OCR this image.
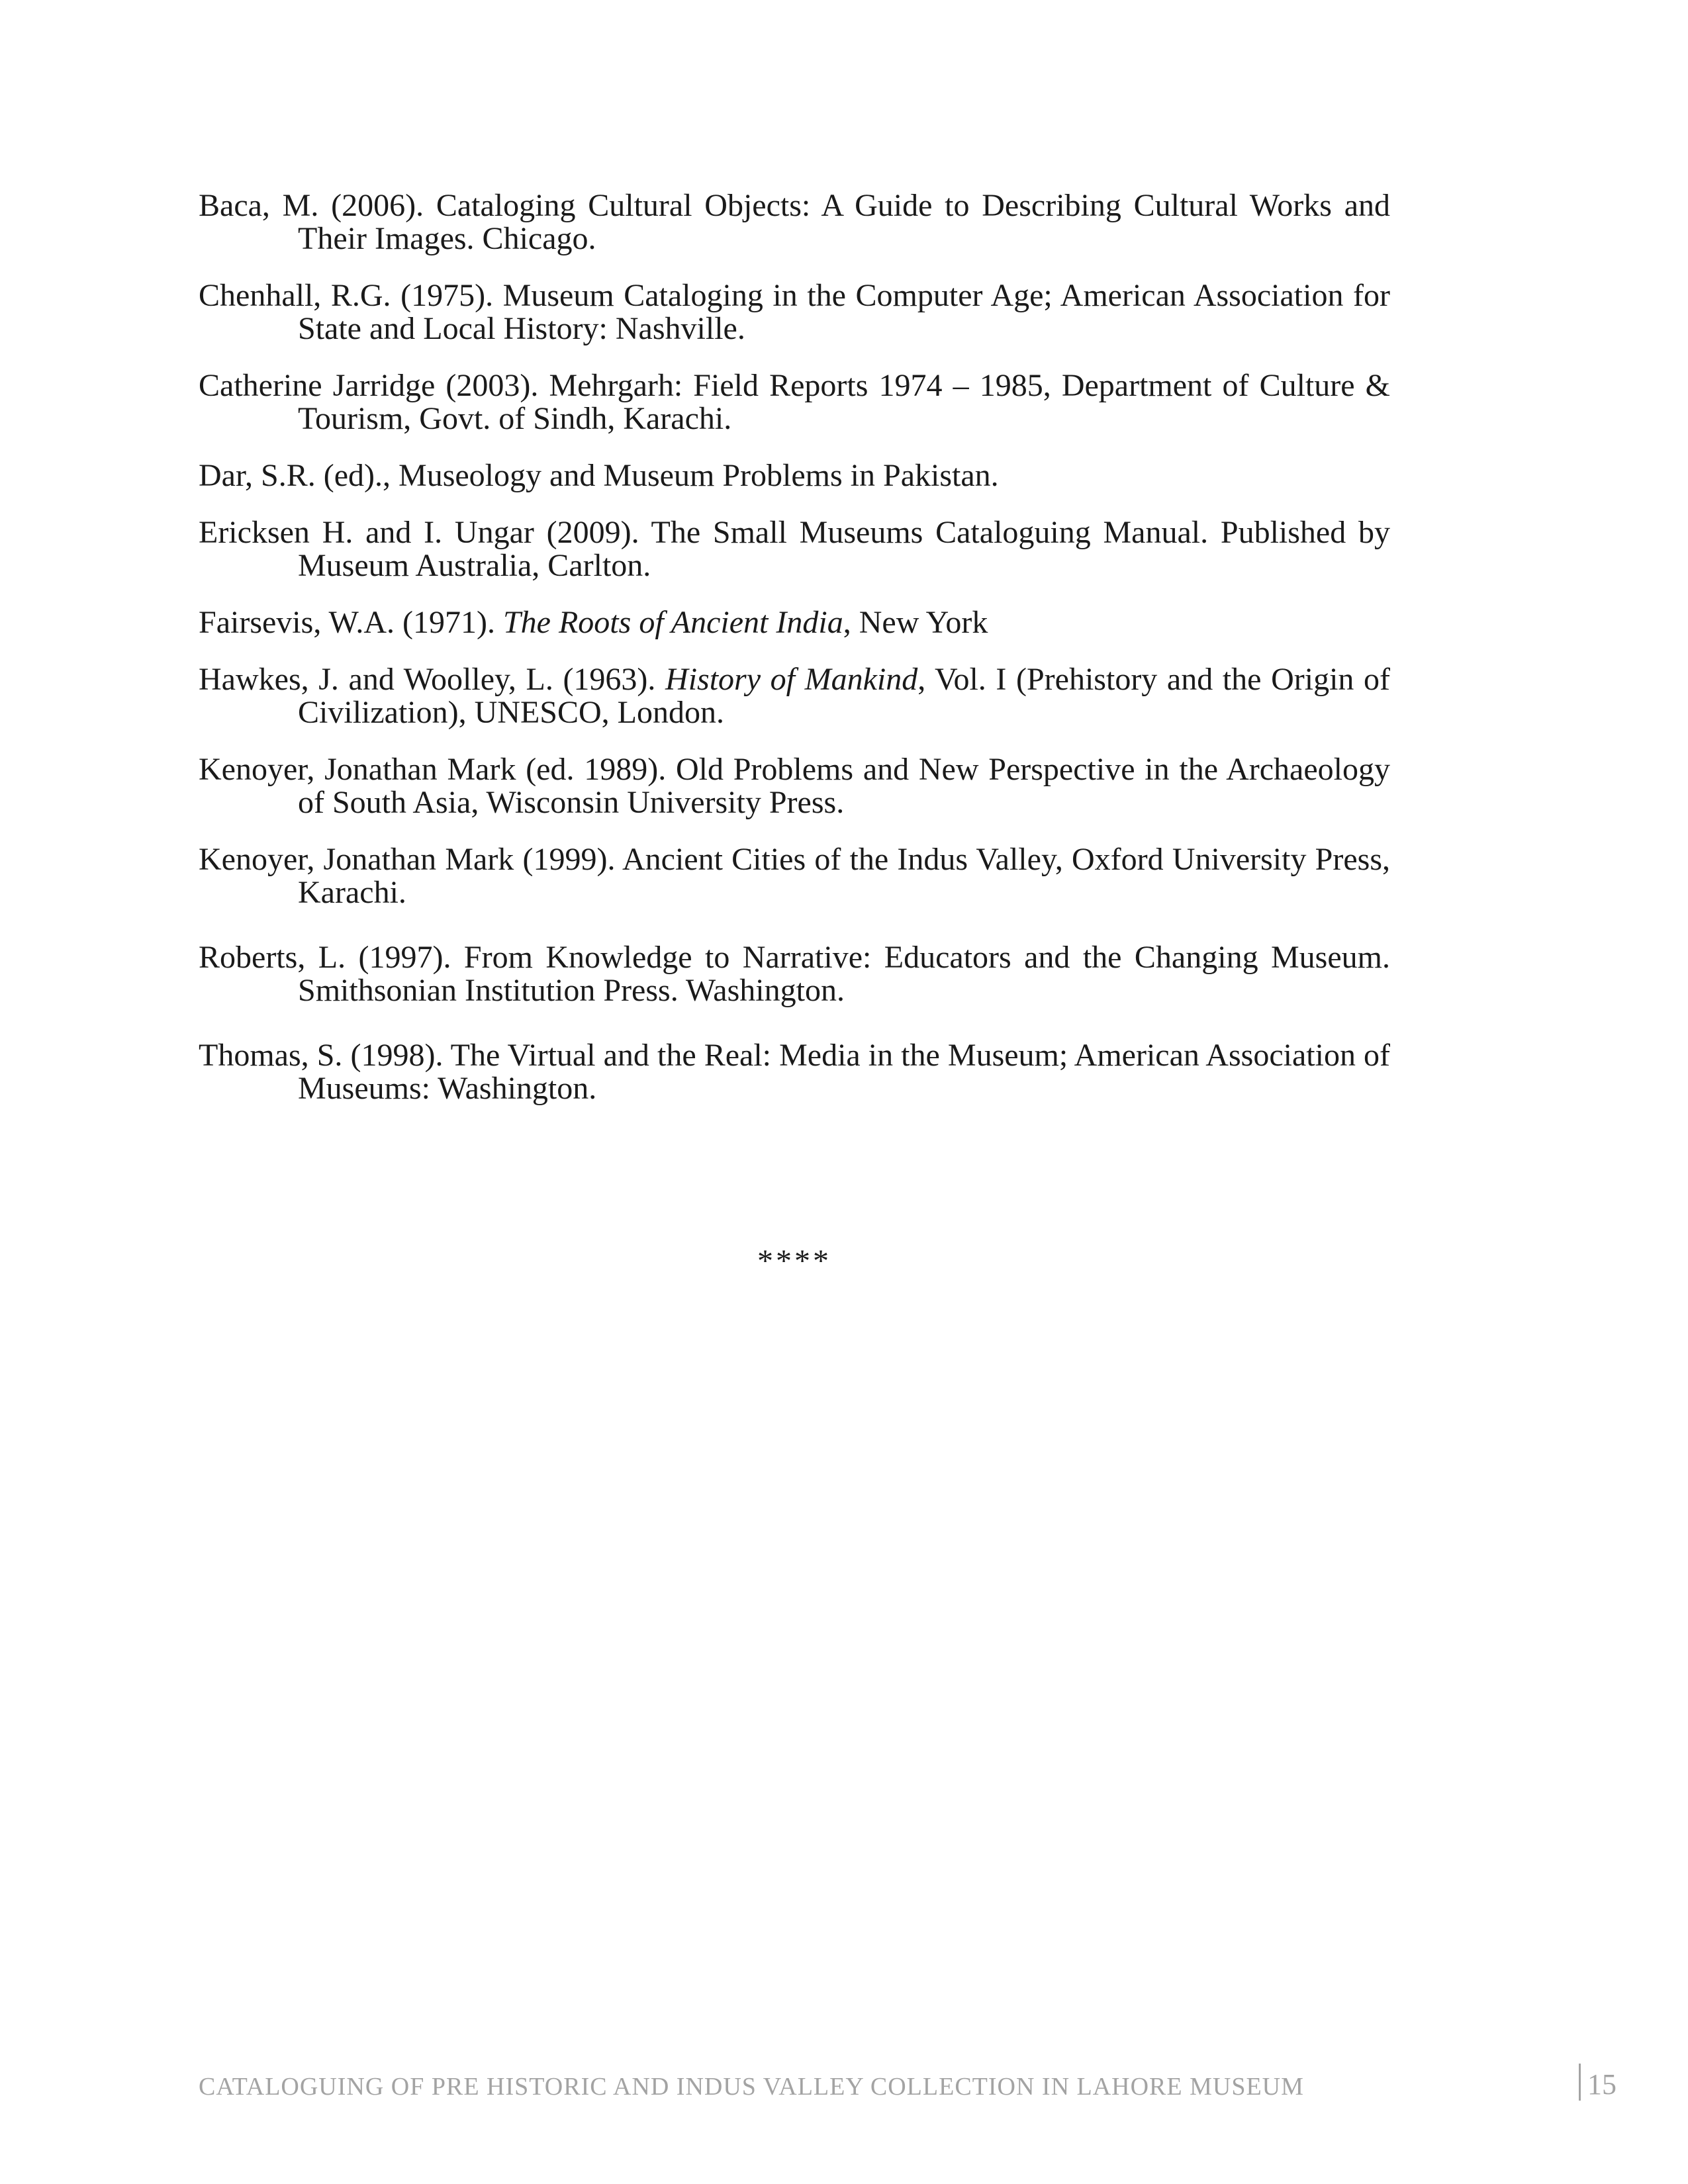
Baca, M. (2006). Cataloging Cultural Objects: A Guide to Describing Cultural Works and Their Images. Chicago.

Chenhall, R.G. (1975). Museum Cataloging in the Computer Age; American Association for State and Local History: Nashville.

Catherine Jarridge (2003). Mehrgarh: Field Reports 1974 – 1985, Department of Culture & Tourism, Govt. of Sindh, Karachi.

Dar, S.R. (ed)., Museology and Museum Problems in Pakistan.

Ericksen H. and I. Ungar (2009). The Small Museums Cataloguing Manual. Published by Museum Australia, Carlton.

Fairsevis, W.A. (1971). The Roots of Ancient India, New York

Hawkes, J. and Woolley, L. (1963). History of Mankind, Vol. I (Prehistory and the Origin of Civilization), UNESCO, London.

Kenoyer, Jonathan Mark (ed. 1989). Old Problems and New Perspective in the Archaeology of South Asia, Wisconsin University Press.

Kenoyer, Jonathan Mark (1999). Ancient Cities of the Indus Valley, Oxford University Press, Karachi.

Roberts, L. (1997). From Knowledge to Narrative: Educators and the Changing Museum. Smithsonian Institution Press. Washington.

Thomas, S. (1998). The Virtual and the Real: Media in the Museum; American Association of Museums: Washington.

****
CATALOGUING OF PRE HISTORIC AND INDUS VALLEY COLLECTION IN LAHORE MUSEUM	15
